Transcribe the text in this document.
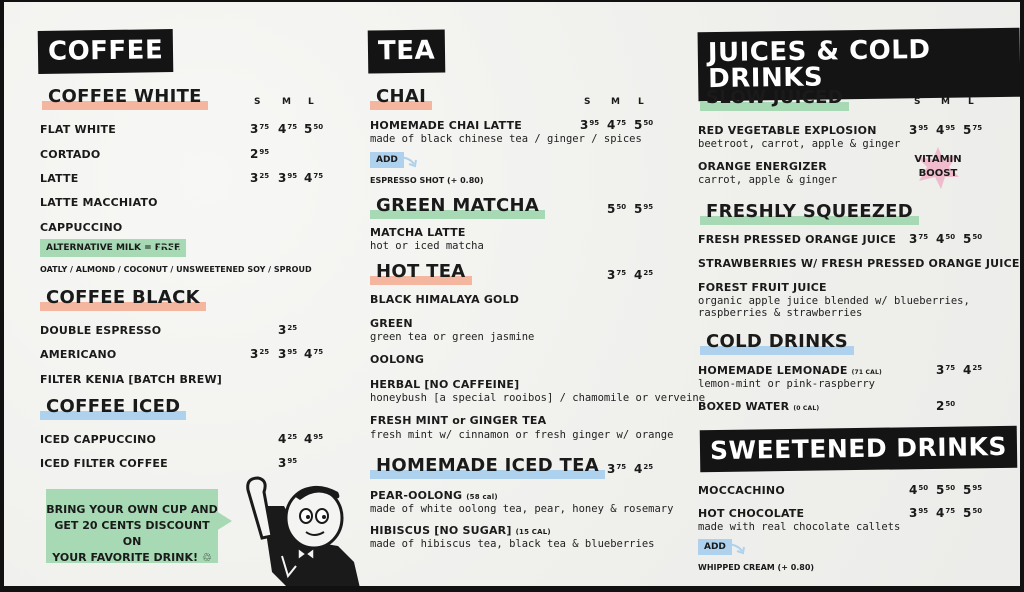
COFFEE
COFFEE WHITE	S M L
FLAT WHITE	$3^{75}$ $4^{75}$ $5^{50}$
CORTADO	$2^{95}$
LATTE	$3^{25}$ $3^{95}$ $4^{75}$
LATTE MACCHIATO
CAPPUCCINO
ALTERNATIVE MILK = FREE
OATLY / ALMOND / COCONUT / UNSWEETENED SOY / SPROUD
COFFEE BLACK
DOUBLE ESPRESSO	$3^{25}$
AMERICANO	$3^{25}$ $3^{95}$ $4^{75}$
FILTER KENIA [BATCH BREW]
COFFEE ICED
ICED CAPPUCCINO	$4^{25}$ $4^{95}$
ICED FILTER COFFEE	$3^{95}$
BRING YOUR OWN CUP AND
GET 20 CENTS DISCOUNT ON
YOUR FAVORITE DRINK! ♲
TEA
CHAI	S M L
HOMEMADE CHAI LATTE	$3^{95}$ $4^{75}$ $5^{50}$
made of black chinese tea / ginger / spices
ADD
ESPRESSO SHOT (+ 0.80)
GREEN MATCHA	$5^{50}$ $5^{95}$
MATCHA LATTE
hot or iced matcha
HOT TEA	$3^{75}$ $4^{25}$
BLACK HIMALAYA GOLD
GREEN
green tea or green jasmine
OOLONG
HERBAL [NO CAFFEINE]
honeybush [a special rooibos] / chamomile or verveine
FRESH MINT or GINGER TEA
fresh mint w/ cinnamon or fresh ginger w/ orange
HOMEMADE ICED TEA $3^{75}$ $4^{25}$
PEAR-OOLONG (58 cal)
made of white oolong tea, pear, honey & rosemary
HIBISCUS [NO SUGAR] (15 CAL)
made of hibiscus tea, black tea & blueberries
JUICES & COLD DRINKS
SLOW JUICED	S M L
RED VEGETABLE EXPLOSION	$3^{95}$ $4^{95}$ $5^{75}$
beetroot, carrot, apple & ginger
ORANGE ENERGIZER
carrot, apple & ginger
VITAMIN
BOOST
FRESHLY SQUEEZED
FRESH PRESSED ORANGE JUICE $3^{75}$ $4^{50}$ $5^{50}$
STRAWBERRIES W/ FRESH PRESSED ORANGE JUICE
FOREST FRUIT JUICE
organic apple juice blended w/ blueberries,
raspberries & strawberries
COLD DRINKS
HOMEMADE LEMONADE (71 CAL)	$3^{75}$ $4^{25}$
lemon-mint or pink-raspberry
BOXED WATER (0 CAL)	$2^{50}$
SWEETENED DRINKS
MOCCACHINO	$4^{50}$ $5^{50}$ $5^{95}$
HOT CHOCOLATE	$3^{95}$ $4^{75}$ $5^{50}$
made with real chocolate callets
ADD
WHIPPED CREAM (+ 0.80)
